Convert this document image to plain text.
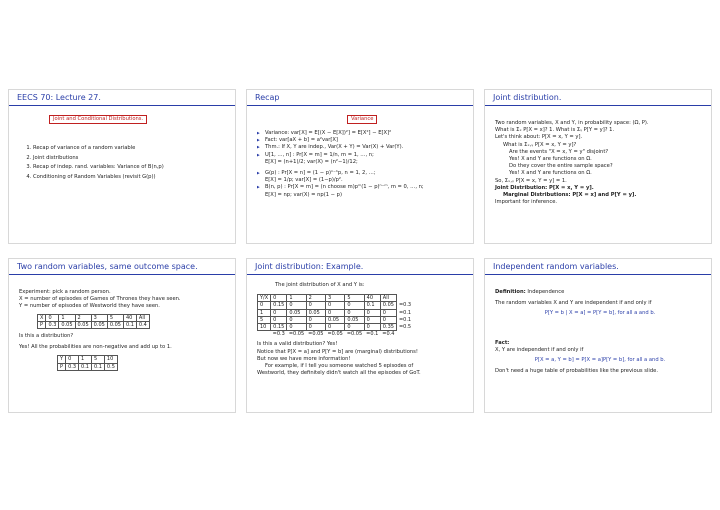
EECS 70: Lecture 27.
Joint and Conditional Distributions.
1. Recap of variance of a random variable
2. Joint distributions
3. Recap of indep. rand. variables: Variance of B(n,p)
4. Conditioning of Random Variables (revisit G(p))
Recap
Variance
▶ Variance: var[X] = E[(X − E[X])²] = E[X²] − E[X]²
▶ Fact: var[aX + b] = a²var[X]
▶ Thm.: If X, Y are indep., Var(X + Y) = Var(X) + Var(Y).
▶ U[1, …, n] : Pr[X = m] = 1/n, m = 1, …, n;

E[X] = (n+1)/2; var(X) = (n²−1)/12;

▶ G(p) : Pr[X = n] = (1 − p)ⁿ⁻¹p, n = 1, 2, …;

E[X] = 1/p; var[X] = (1−p)/p².

▶ B(n, p) : Pr[X = m] = (n choose m)pᵐ(1 − p)ⁿ⁻ᵐ, m = 0, …, n;

E[X] = np; var(X) = np(1 − p)

Joint distribution.

Two random variables, X and Y, in probability space: (Ω, P).

What is Σₓ P[X = x]? 1. What is Σᵧ P[Y = y]? 1.

Let's think about: P[X = x, Y = y].

What is Σₓ,ᵧ P[X = x, Y = y]?

Are the events "X = x, Y = y" disjoint?

Yes! X and Y are functions on Ω.

Do they cover the entire sample space?

Yes! X and Y are functions on Ω.

So, Σₓ,ᵧ P[X = x, Y = y] = 1.

Joint Distribution: P[X = x, Y = y].

Marginal Distributions: P[X = x] and P[Y = y].

Important for inference.

Two random variables, same outcome space.

Experiment: pick a random person.

X = number of episodes of Games of Thrones they have seen.

Y = number of episodes of Westworld they have seen.

X	0	1	2	3	5	40	All
P	0.3	0.05	0.05	0.05	0.05	0.1	0.4

Is this a distribution?

Yes! All the probabilities are non-negative and add up to 1.

Y	0	1	5	10
P	0.3	0.1	0.1	0.5
Joint distribution: Example.

The joint distribution of X and Y is:

Y/X	0	1	2	3	5	40	All	
0	0.15	0	0	0	0	0.1	0.05	=0.3
1	0	0.05	0.05	0	0	0	0	=0.1
5	0	0	0	0.05	0.05	0	0	=0.1
10	0.15	0	0	0	0	0	0.35	=0.5
	=0.3	=0.05	=0.05	=0.05	=0.05	=0.1	=0.4	

Is this a valid distribution? Yes!

Notice that P[X = a] and P[Y = b] are (marginal) distributions!

But now we have more information!

For example, if I tell you someone watched 5 episodes of

Westworld, they definitely didn't watch all the episodes of GoT.

Independent random variables.

Definition: Independence

The random variables X and Y are independent if and only if

P[Y = b | X = a] = P[Y = b], for all a and b.

Fact:

X, Y are independent if and only if

P[X = a, Y = b] = P[X = a]P[Y = b], for all a and b.

Don't need a huge table of probabilities like the previous slide.
